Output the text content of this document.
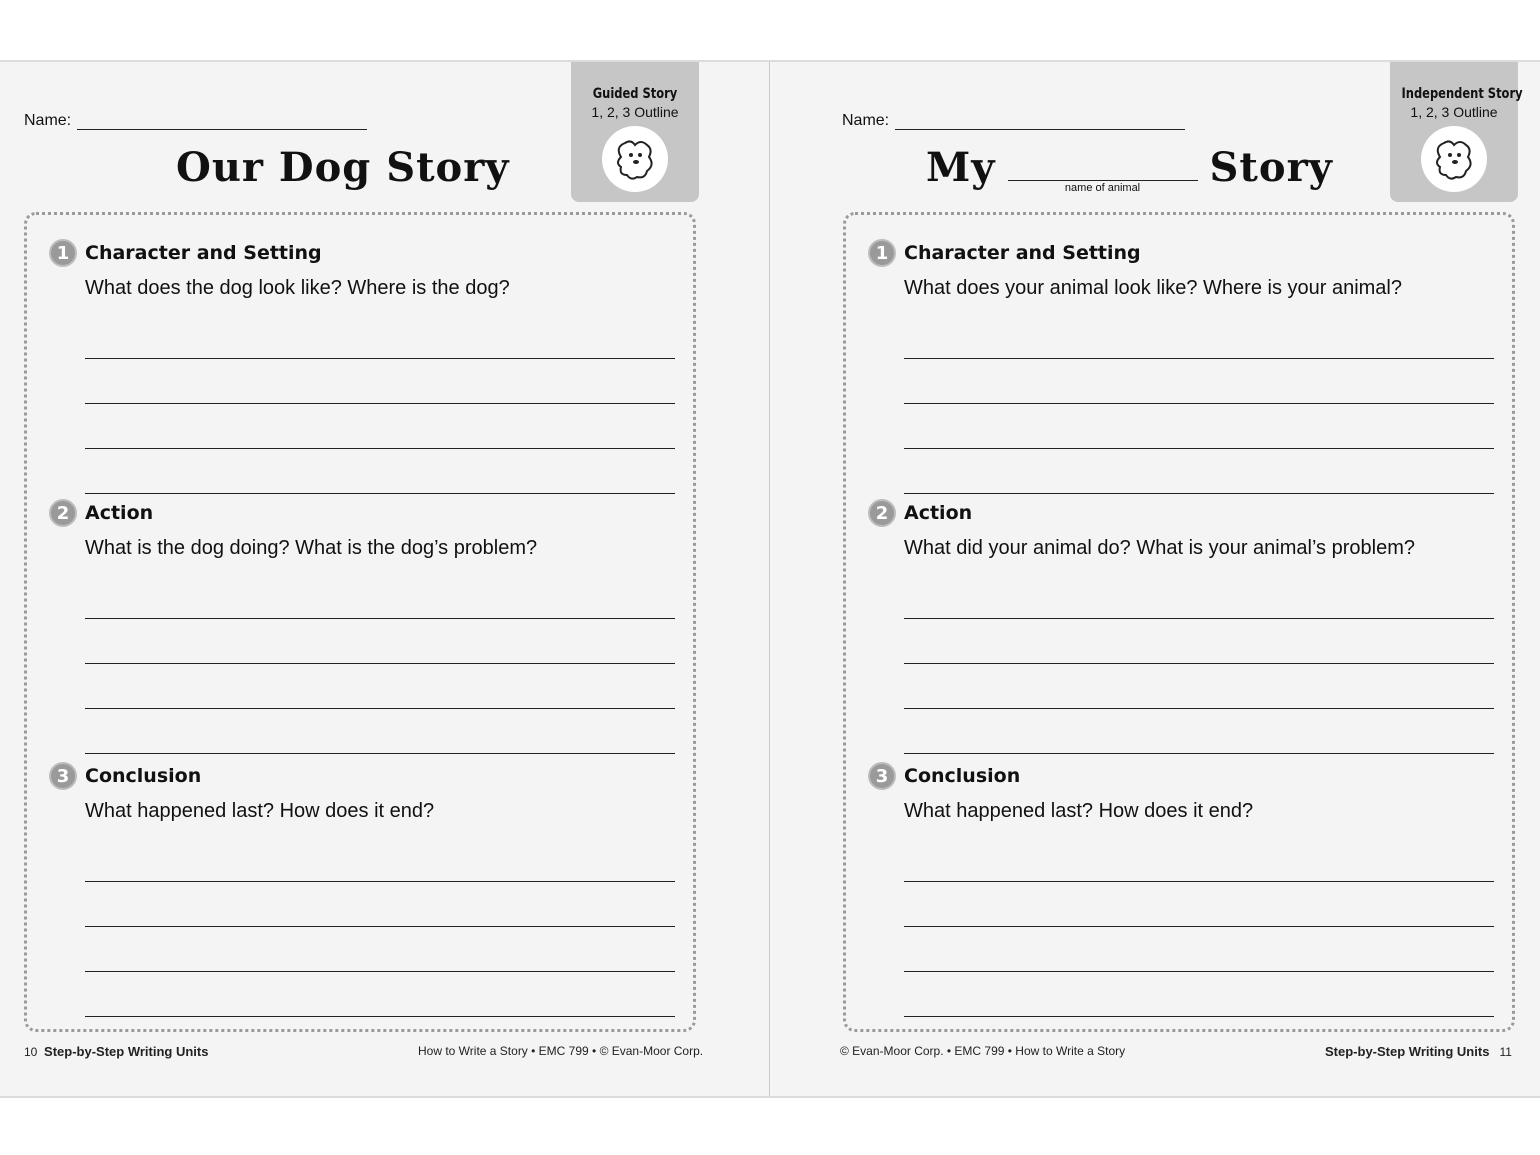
Name:
Our Dog Story
Guided Story
1, 2, 3 Outline
1 Character and Setting
What does the dog look like? Where is the dog?
2 Action
What is the dog doing? What is the dog’s problem?
3 Conclusion
What happened last? How does it end?
10 Step-by-Step Writing Units	How to Write a Story • EMC 799 • © Evan-Moor Corp.
Name:
My	name of animal	Story
Independent Story
1, 2, 3 Outline
1 Character and Setting
What does your animal look like? Where is your animal?
2 Action
What did your animal do? What is your animal’s problem?
3 Conclusion
What happened last? How does it end?
© Evan-Moor Corp. • EMC 799 • How to Write a Story	Step-by-Step Writing Units 11
